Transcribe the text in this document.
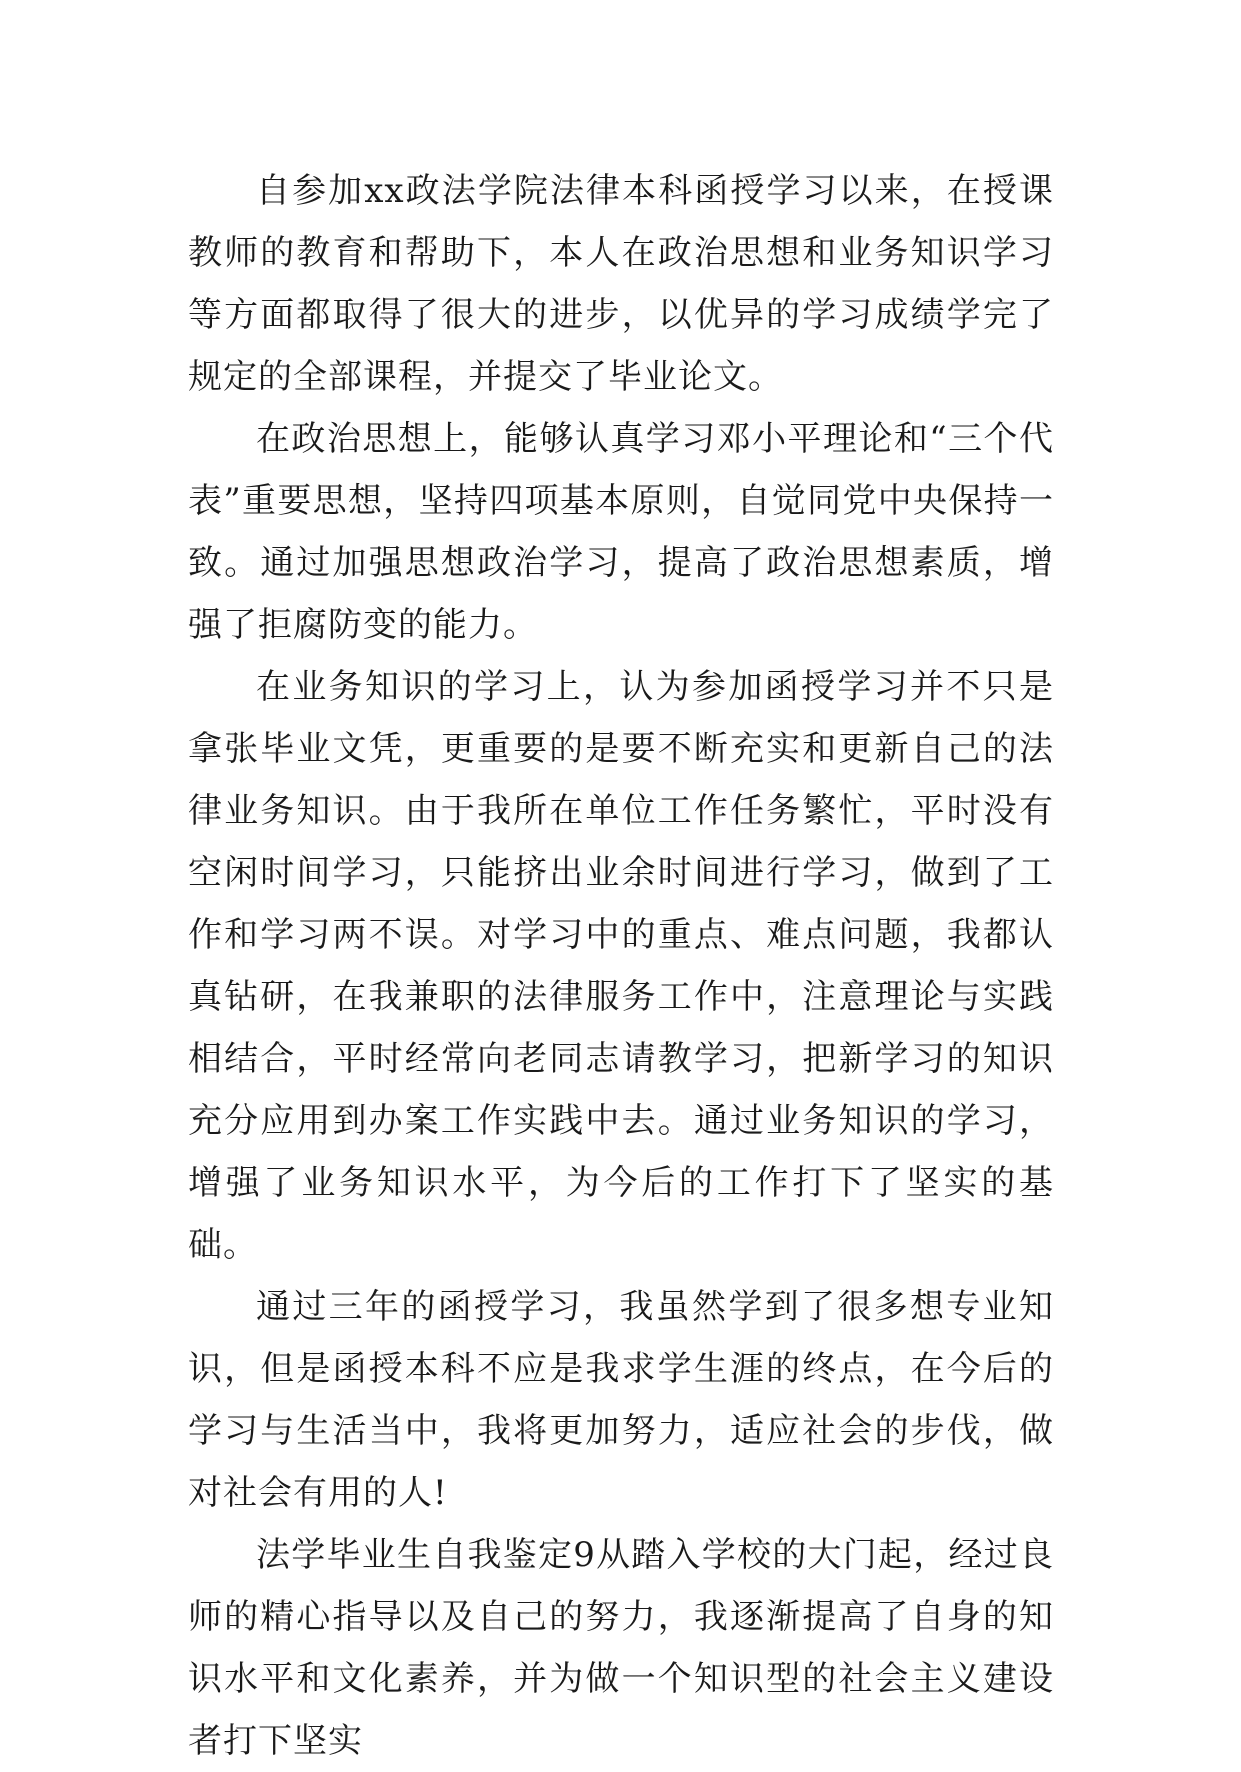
自参加xx政法学院法律本科函授学习以来，在授课教师的教育和帮助下，本人在政治思想和业务知识学习等方面都取得了很大的进步，以优异的学习成绩学完了规定的全部课程，并提交了毕业论文。

在政治思想上，能够认真学习邓小平理论和“三个代表”重要思想，坚持四项基本原则，自觉同党中央保持一致。通过加强思想政治学习，提高了政治思想素质，增强了拒腐防变的能力。

在业务知识的学习上，认为参加函授学习并不只是拿张毕业文凭，更重要的是要不断充实和更新自己的法律业务知识。由于我所在单位工作任务繁忙，平时没有空闲时间学习，只能挤出业余时间进行学习，做到了工作和学习两不误。对学习中的重点、难点问题，我都认真钻研，在我兼职的法律服务工作中，注意理论与实践相结合，平时经常向老同志请教学习，把新学习的知识充分应用到办案工作实践中去。通过业务知识的学习，增强了业务知识水平，为今后的工作打下了坚实的基础。

通过三年的函授学习，我虽然学到了很多想专业知识，但是函授本科不应是我求学生涯的终点，在今后的学习与生活当中，我将更加努力，适应社会的步伐，做对社会有用的人!

法学毕业生自我鉴定9从踏入学校的大门起，经过良师的精心指导以及自己的努力，我逐渐提高了自身的知识水平和文化素养，并为做一个知识型的社会主义建设者打下坚实
